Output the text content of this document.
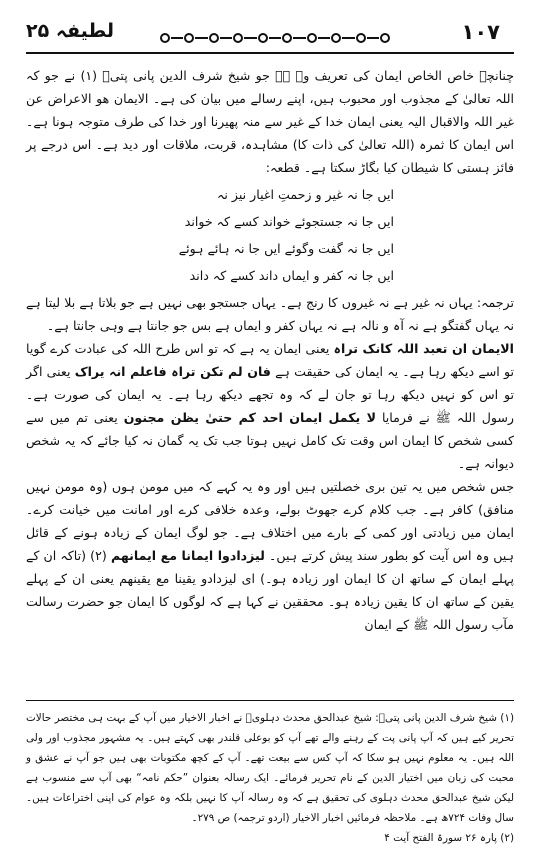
لطیفہ ۲۵	١٠٧

چنانچہ خاص الخاص ایمان کی تعریف وہ ہے جو شیخ شرف الدین پانی پتیؒ (۱) نے جو کہ اللہ تعالیٰ کے مجذوب اور محبوب ہیں، اپنے رسالے میں بیان کی ہے۔ الایمان ھو الاعراض عن غیر اللہ والاقبال الیہ یعنی ایمان خدا کے غیر سے منہ پھیرنا اور خدا کی طرف متوجہ ہونا ہے۔ اس ایمان کا ثمرہ (اللہ تعالیٰ کی ذات کا) مشاہدہ، قربت، ملاقات اور دید ہے۔ اس درجے پر فائز ہستی کا شیطان کیا بگاڑ سکتا ہے۔ قطعہ:

ایں جا نہ غیر و زحمتِ اغیار نیز نہ
ایں جا نہ جستجوئے خواند کسے کہ خواند
ایں جا نہ گفت وگوئے ایں جا نہ ہائے ہوئے
ایں جا نہ کفر و ایماں داند کسے کہ داند

ترجمہ: یہاں نہ غیر ہے نہ غیروں کا رنج ہے۔ یہاں جستجو بھی نہیں ہے جو بلاتا ہے بلا لیتا ہے نہ یہاں گفتگو ہے نہ آہ و نالہ ہے نہ یہاں کفر و ایماں ہے بس جو جانتا ہے وہی جانتا ہے۔

الایمان ان تعبد اللہ کانک تراہ یعنی ایمان یہ ہے کہ تو اس طرح اللہ کی عبادت کرے گویا تو اسے دیکھ رہا ہے۔ یہ ایمان کی حقیقت ہے فان لم تکن تراہ فاعلم انہ یراک یعنی اگر تو اس کو نہیں دیکھ رہا تو جان لے کہ وہ تجھے دیکھ رہا ہے۔ یہ ایمان کی صورت ہے۔ رسول اللہ ﷺ نے فرمایا لا یکمل ایمان احد کم حتیٰ یظن مجنون یعنی تم میں سے کسی شخص کا ایمان اس وقت تک کامل نہیں ہوتا جب تک یہ گمان نہ کیا جائے کہ یہ شخص دیوانہ ہے۔

جس شخص میں یہ تین بری خصلتیں ہیں اور وہ یہ کہے کہ میں مومن ہوں (وہ مومن نہیں منافق) کافر ہے۔ جب کلام کرے جھوٹ بولے، وعدہ خلافی کرے اور امانت میں خیانت کرے۔ ایمان میں زیادتی اور کمی کے بارے میں اختلاف ہے۔ جو لوگ ایمان کے زیادہ ہونے کے قائل ہیں وہ اس آیت کو بطور سند پیش کرتے ہیں۔ لیزدادوا ایمانا مع ایمانھم (۲) (تاکہ ان کے پہلے ایمان کے ساتھ ان کا ایمان اور زیادہ ہو۔) ای لیزدادو یقینا مع یقینھم یعنی ان کے پہلے یقین کے ساتھ ان کا یقین زیادہ ہو۔ محققین نے کہا ہے کہ لوگوں کا ایمان جو حضرت رسالت مآب رسول اللہ ﷺ کے ایمان

(۱) شیخ شرف الدین پانی پتیؒ: شیخ عبدالحق محدث دہلویؒ نے اخبار الاخیار میں آپ کے بہت ہی مختصر حالات تحریر کیے ہیں کہ آپ پانی پت کے رہنے والے تھے آپ کو بوعلی قلندر بھی کہتے ہیں۔ یہ مشہور مجذوب اور ولی اللہ ہیں۔ یہ معلوم نہیں ہو سکا کہ آپ کس سے بیعت تھے۔ آپ کے کچھ مکتوبات بھی ہیں جو آپ نے عشق و محبت کی زبان میں اختیار الدین کے نام تحریر فرمائے۔ ایک رسالہ بعنوان ”حکم نامہ“ بھی آپ سے منسوب ہے لیکن شیخ عبدالحق محدث دہلوی کی تحقیق ہے کہ وہ رسالہ آپ کا نہیں بلکہ وہ عوام کی اپنی اختراعات ہیں۔ سال وفات ۷۲۴ھ ہے۔ ملاحظہ فرمائیں اخبار الاخیار (اردو ترجمہ) ص ۲۷۹۔

(۲) پارہ ۲۶ سورۃ الفتح آیت ۴
